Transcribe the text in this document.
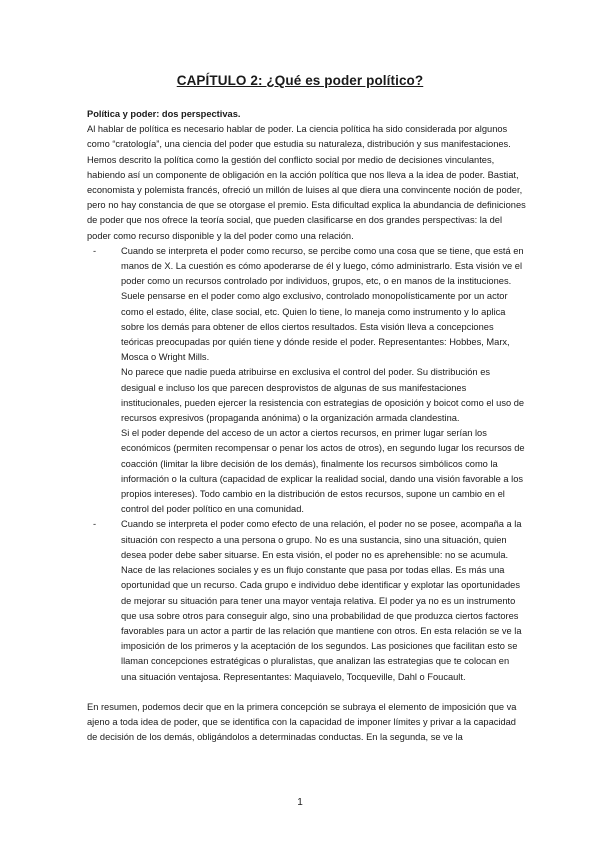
CAPÍTULO 2: ¿Qué es poder político?

Política y poder: dos perspectivas.

Al hablar de política es necesario hablar de poder. La ciencia política ha sido considerada por algunos como “cratología”, una ciencia del poder que estudia su naturaleza, distribución y sus manifestaciones.

Hemos descrito la política como la gestión del conflicto social por medio de decisiones vinculantes, habiendo así un componente de obligación en la acción política que nos lleva a la idea de poder. Bastiat, economista y polemista francés, ofreció un millón de luises al que diera una convincente noción de poder, pero no hay constancia de que se otorgase el premio. Esta dificultad explica la abundancia de definiciones de poder que nos ofrece la teoría social, que pueden clasificarse en dos grandes perspectivas: la del poder como recurso disponible y la del poder como una relación.

-	Cuando se interpreta el poder como recurso, se percibe como una cosa que se tiene, que está en manos de X. La cuestión es cómo apoderarse de él y luego, cómo administrarlo. Esta visión ve el poder como un recursos controlado por individuos, grupos, etc, o en manos de la instituciones. Suele pensarse en el poder como algo exclusivo, controlado monopolísticamente por un actor como el estado, élite, clase social, etc. Quien lo tiene, lo maneja como instrumento y lo aplica sobre los demás para obtener de ellos ciertos resultados. Esta visión lleva a concepciones teóricas preocupadas por quién tiene y dónde reside el poder. Representantes: Hobbes, Marx, Mosca o Wright Mills.

No parece que nadie pueda atribuirse en exclusiva el control del poder. Su distribución es desigual e incluso los que parecen desprovistos de algunas de sus manifestaciones institucionales, pueden ejercer la resistencia con estrategias de oposición y boicot como el uso de recursos expresivos (propaganda anónima) o la organización armada clandestina.

Si el poder depende del acceso de un actor a ciertos recursos, en primer lugar serían los económicos (permiten recompensar o penar los actos de otros), en segundo lugar los recursos de coacción (limitar la libre decisión de los demás), finalmente los recursos simbólicos como la información o la cultura (capacidad de explicar la realidad social, dando una visión favorable a los propios intereses). Todo cambio en la distribución de estos recursos, supone un cambio en el control del poder político en una comunidad.

-	Cuando se interpreta el poder como efecto de una relación, el poder no se posee, acompaña a la situación con respecto a una persona o grupo. No es una sustancia, sino una situación, quien desea poder debe saber situarse. En esta visión, el poder no es aprehensible: no se acumula. Nace de las relaciones sociales y es un flujo constante que pasa por todas ellas. Es más una oportunidad que un recurso. Cada grupo e individuo debe identificar y explotar las oportunidades de mejorar su situación para tener una mayor ventaja relativa. El poder ya no es un instrumento que usa sobre otros para conseguir algo, sino una probabilidad de que produzca ciertos factores favorables para un actor a partir de las relación que mantiene con otros. En esta relación se ve la imposición de los primeros y la aceptación de los segundos. Las posiciones que facilitan esto se llaman concepciones estratégicas o pluralistas, que analizan las estrategias que te colocan en una situación ventajosa. Representantes: Maquiavelo, Tocqueville, Dahl o Foucault.

En resumen, podemos decir que en la primera concepción se subraya el elemento de imposición que va ajeno a toda idea de poder, que se identifica con la capacidad de imponer límites y privar a la capacidad de decisión de los demás, obligándolos a determinadas conductas. En la segunda, se ve la

1
